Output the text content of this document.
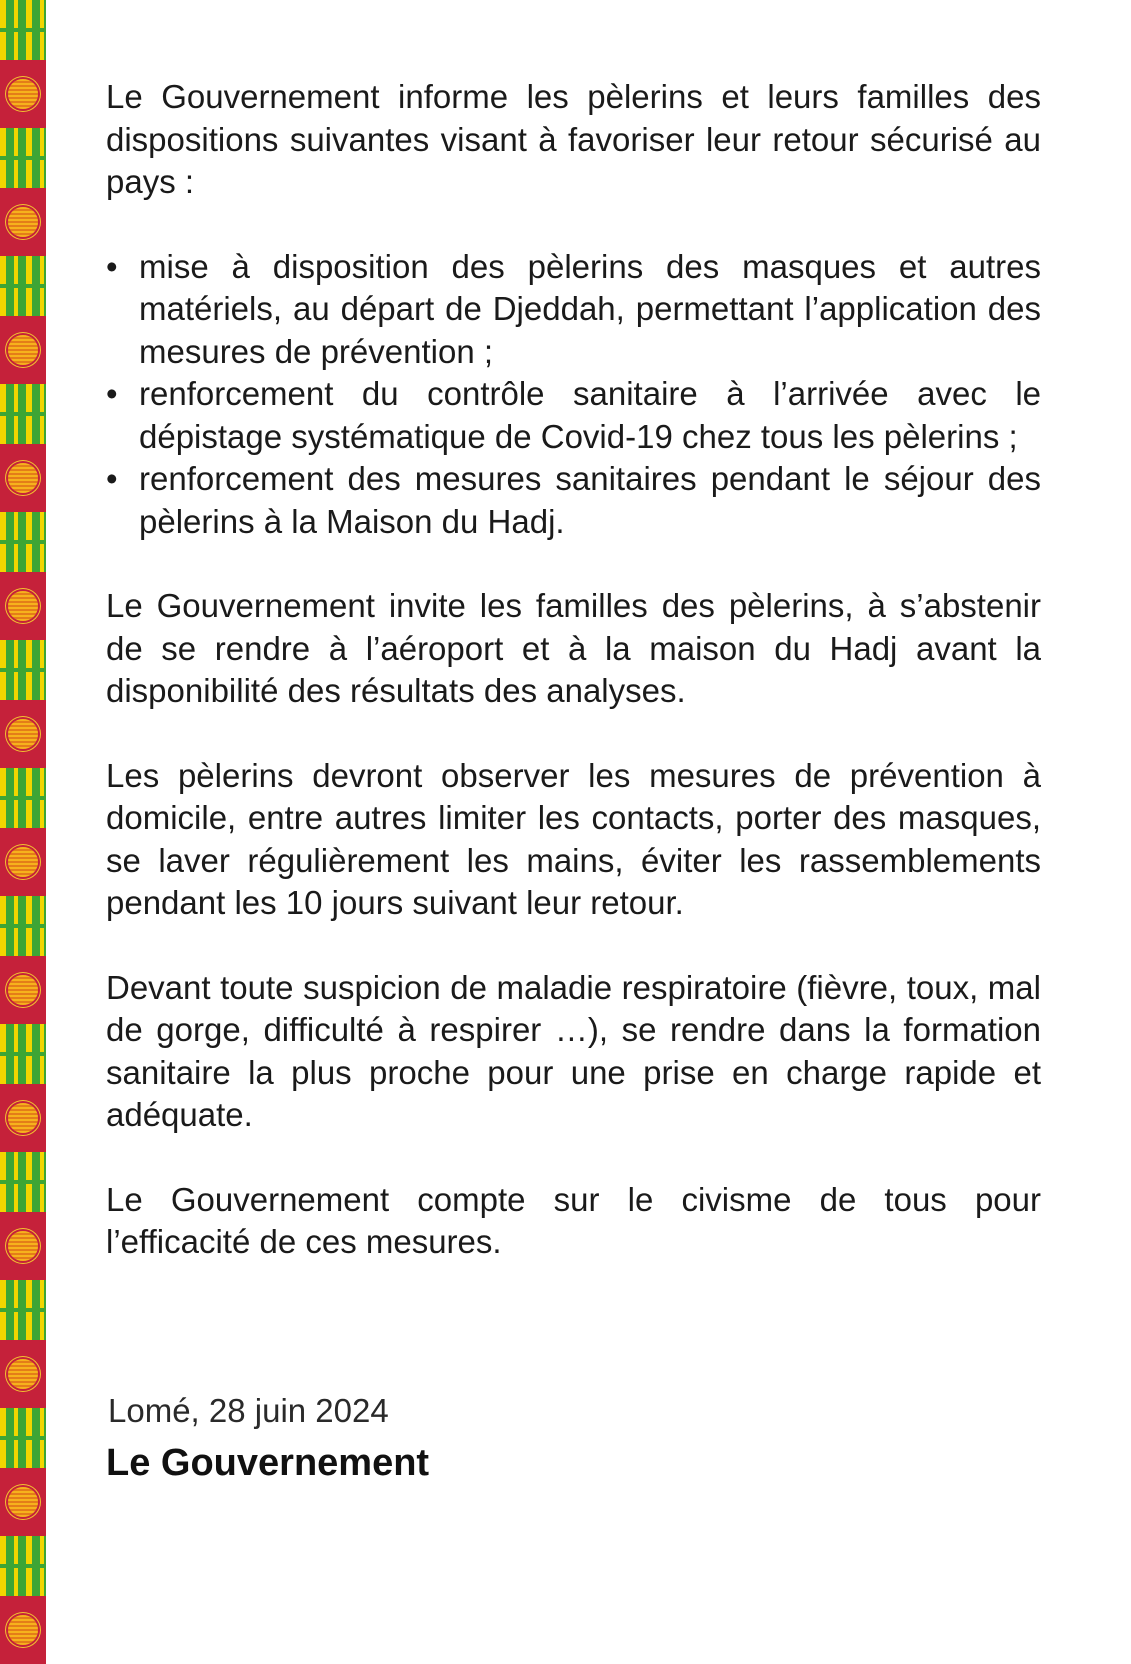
Le Gouvernement informe les pèlerins et leurs familles des dispositions suivantes visant à favoriser leur retour sécurisé au pays :

• mise à disposition des pèlerins des masques et autres matériels, au départ de Djeddah, permettant l’application des mesures de prévention ;
• renforcement du contrôle sanitaire à l’arrivée avec le dépistage systématique de Covid-19 chez tous les pèlerins ;
• renforcement des mesures sanitaires pendant le séjour des pèlerins à la Maison du Hadj.

Le Gouvernement invite les familles des pèlerins, à s’abstenir de se rendre à l’aéroport et à la maison du Hadj avant la disponibilité des résultats des analyses.

Les pèlerins devront observer les mesures de prévention à domicile, entre autres limiter les contacts, porter des masques, se laver régulièrement les mains, éviter les rassemblements pendant les 10 jours suivant leur retour.

Devant toute suspicion de maladie respiratoire (fièvre, toux, mal de gorge, difficulté à respirer …), se rendre dans la formation sanitaire la plus proche pour une prise en charge rapide et adéquate.

Le Gouvernement compte sur le civisme de tous pour l’efficacité de ces mesures.

Lomé, 28 juin 2024
Le Gouvernement
